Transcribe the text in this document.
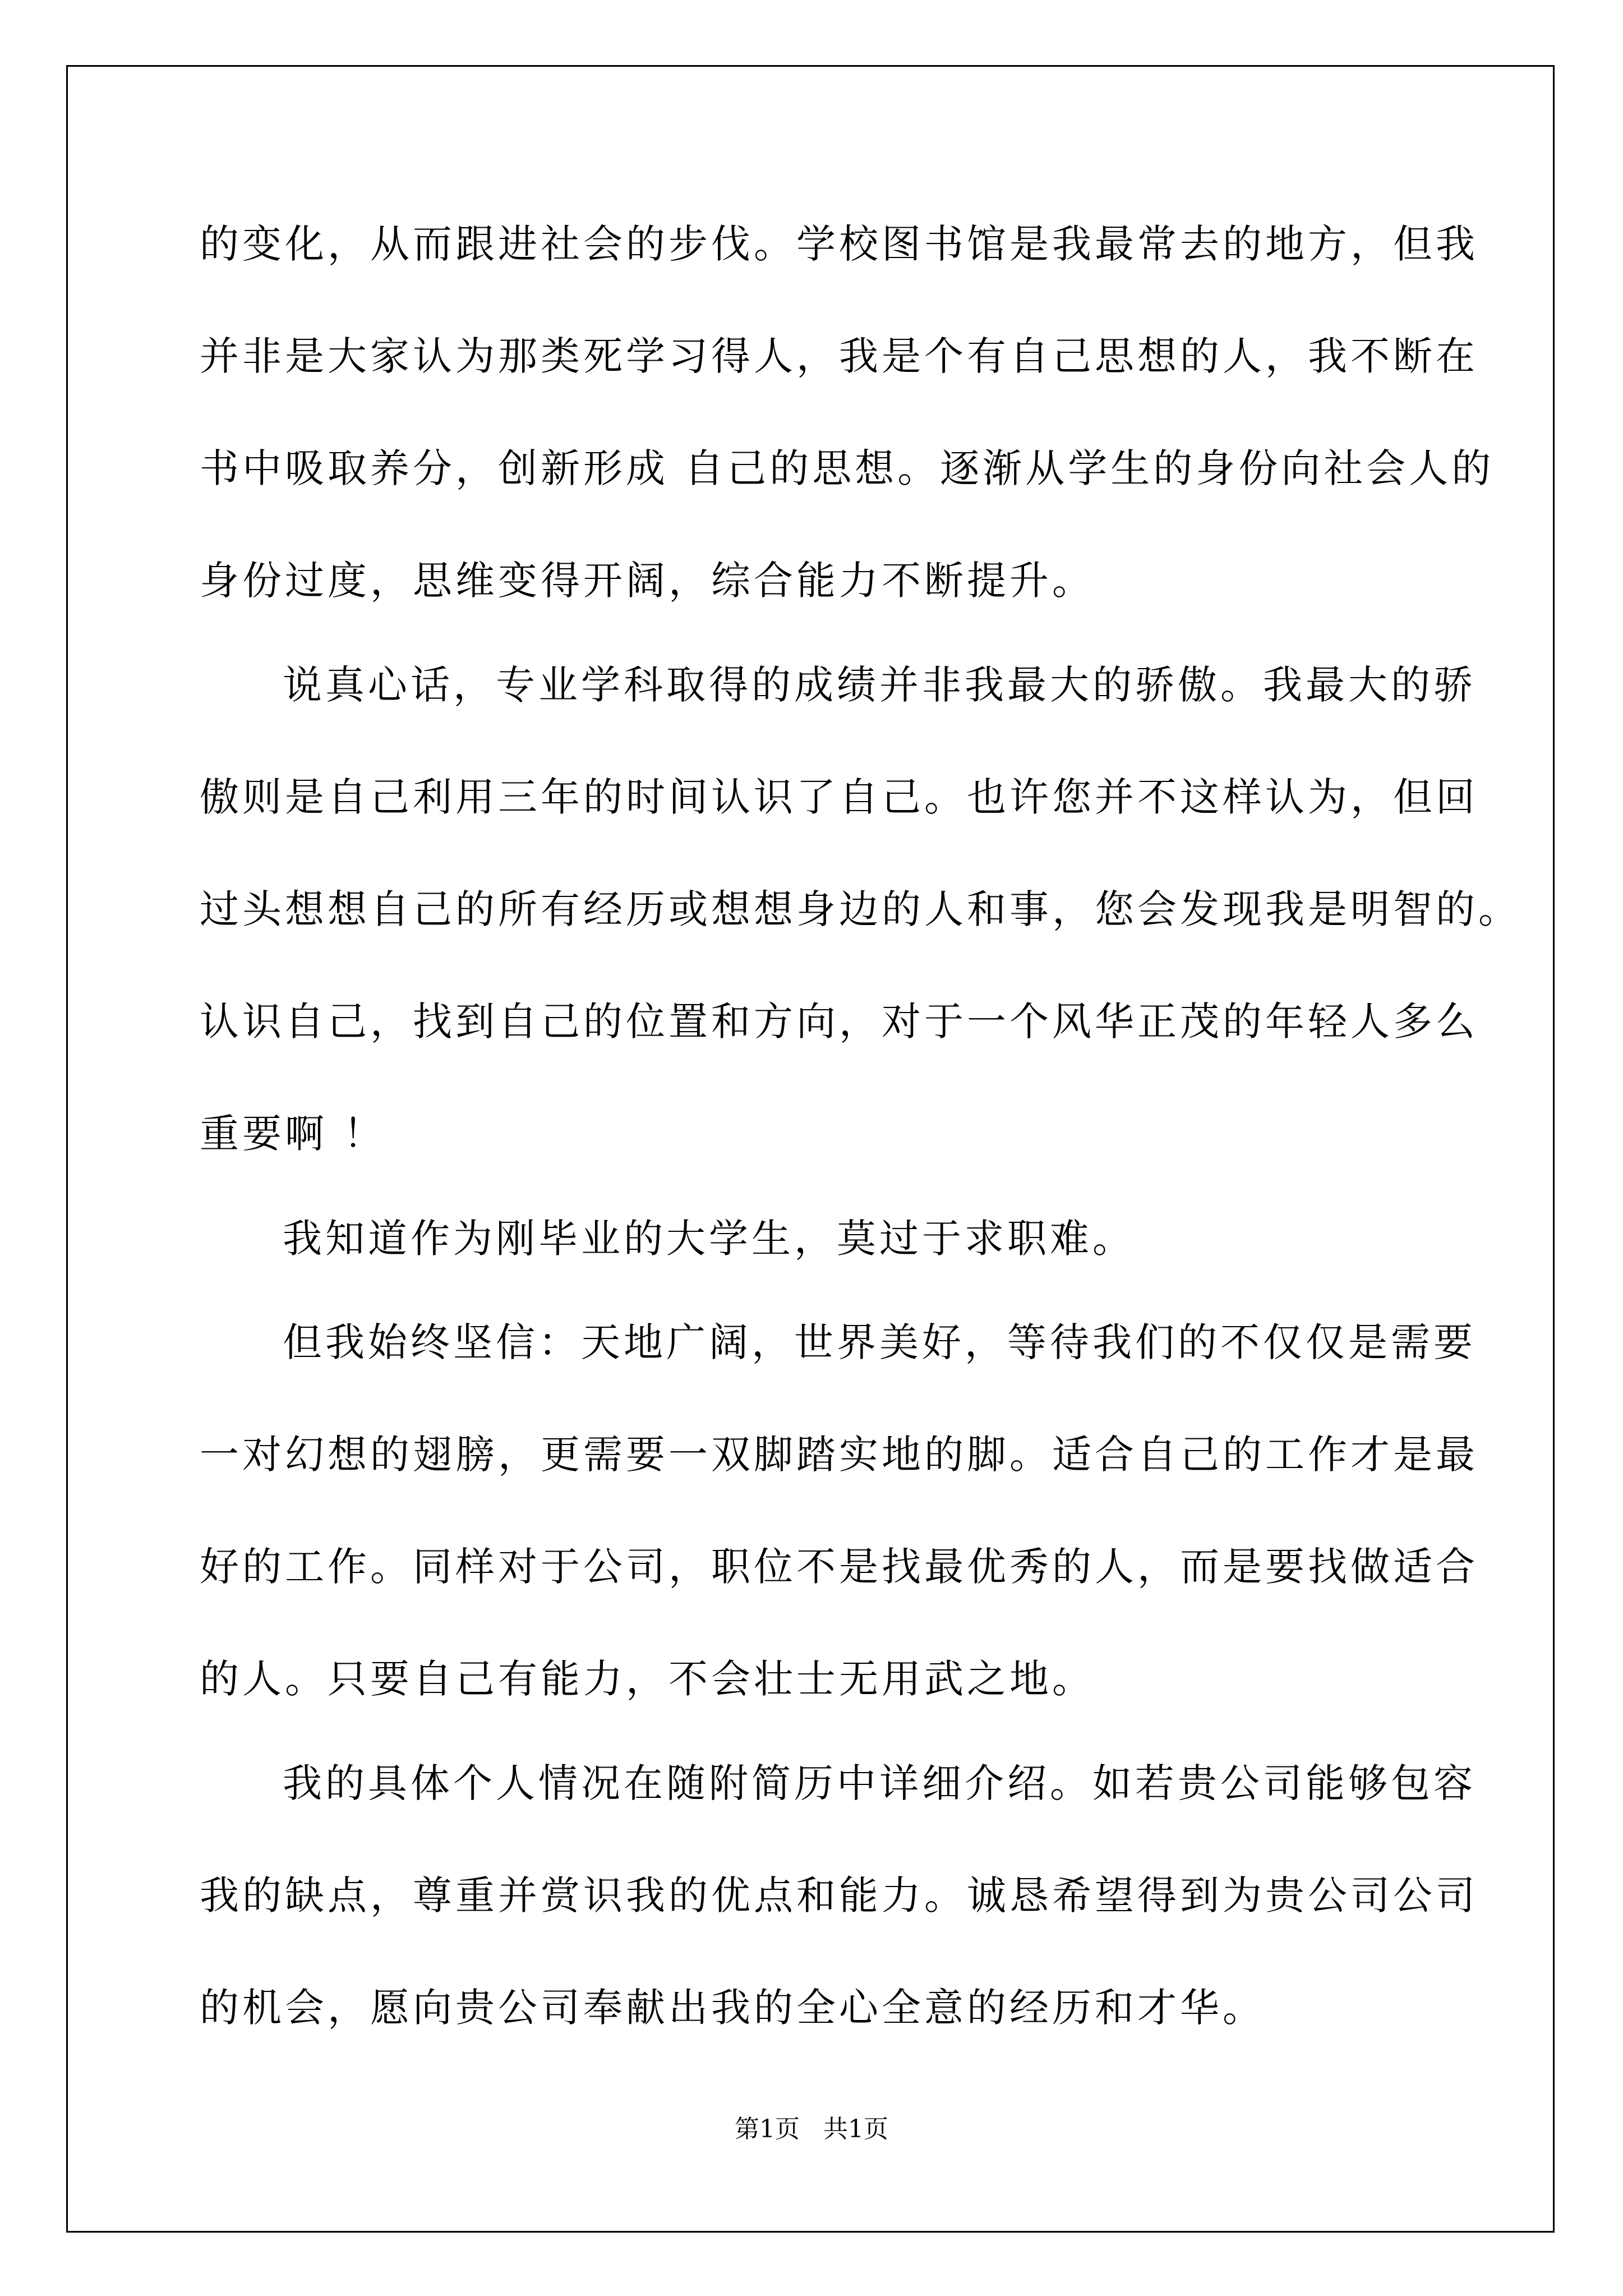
的变化，从而跟进社会的步伐。学校图书馆是我最常去的地方，但我
并非是大家认为那类死学习得人，我是个有自己思想的人，我不断在
书中吸取养分，创新形成 自己的思想。逐渐从学生的身份向社会人的
身份过度，思维变得开阔，综合能力不断提升。
说真心话，专业学科取得的成绩并非我最大的骄傲。我最大的骄
傲则是自己利用三年的时间认识了自己。也许您并不这样认为，但回
过头想想自己的所有经历或想想身边的人和事，您会发现我是明智的。
认识自己，找到自己的位置和方向，对于一个风华正茂的年轻人多么
重要啊 ！
我知道作为刚毕业的大学生，莫过于求职难。
但我始终坚信：天地广阔，世界美好，等待我们的不仅仅是需要
一对幻想的翅膀，更需要一双脚踏实地的脚。适合自己的工作才是最
好的工作。同样对于公司，职位不是找最优秀的人，而是要找做适合
的人。只要自己有能力，不会壮士无用武之地。
我的具体个人情况在随附简历中详细介绍。如若贵公司能够包容
我的缺点，尊重并赏识我的优点和能力。诚恳希望得到为贵公司公司
的机会，愿向贵公司奉献出我的全心全意的经历和才华。
第1页   共1页
